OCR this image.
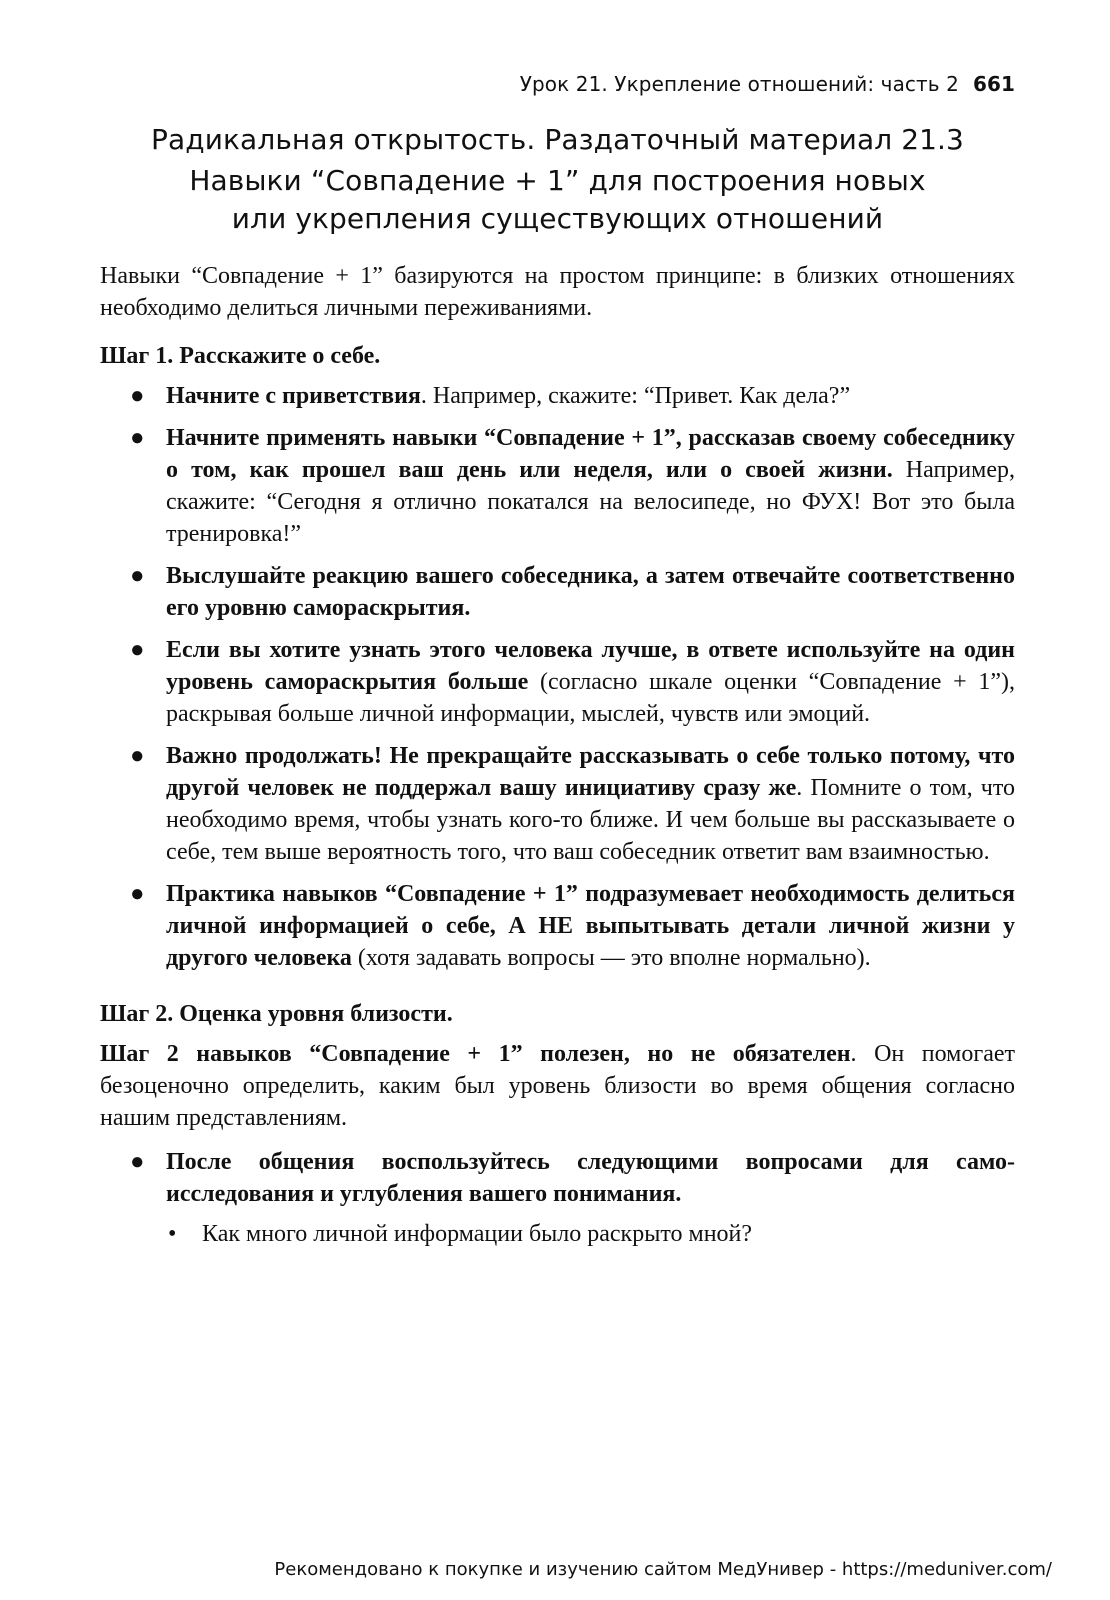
Урок 21. Укрепление отношений: часть 2 661
Радикальная открытость. Раздаточный материал 21.3
Навыки “Совпадение + 1” для построения новых
или укрепления существующих отношений

Навыки “Совпадение + 1” базируются на простом принципе: в близких отношениях необходимо делиться личными переживаниями.

Шаг 1. Расскажите о себе.

● Начните с приветствия. Например, скажите: “Привет. Как дела?”
● Начните применять навыки “Совпадение + 1”, рассказав своему собеседнику о том, как прошел ваш день или неделя, или о своей жизни. Например, скажите: “Сегодня я отлично покатался на велосипеде, но ФУХ! Вот это была тренировка!”
● Выслушайте реакцию вашего собеседника, а затем отвечайте соответственно его уровню самораскрытия.
● Если вы хотите узнать этого человека лучше, в ответе используйте на один уровень самораскрытия больше (согласно шкале оценки “Совпадение + 1”), раскрывая больше личной информации, мыслей, чувств или эмоций.
● Важно продолжать! Не прекращайте рассказывать о себе только потому, что другой человек не поддержал вашу инициативу сразу же. Помните о том, что необходимо время, чтобы узнать кого-то ближе. И чем больше вы рассказываете о себе, тем выше вероятность того, что ваш собеседник ответит вам взаимностью.
● Практика навыков “Совпадение + 1” подразумевает необходимость делиться личной информацией о себе, А НЕ выпытывать детали личной жизни у другого человека (хотя задавать вопросы — это вполне нормально).

Шаг 2. Оценка уровня близости.

Шаг 2 навыков “Совпадение + 1” полезен, но не обязателен. Он помогает безоценочно определить, каким был уровень близости во время общения согласно нашим представлениям.

● После общения воспользуйтесь следующими вопросами для самоисследования и углубления вашего понимания.
• Как много личной информации было раскрыто мной?
Рекомендовано к покупке и изучению сайтом МедУнивер - https://meduniver.com/
